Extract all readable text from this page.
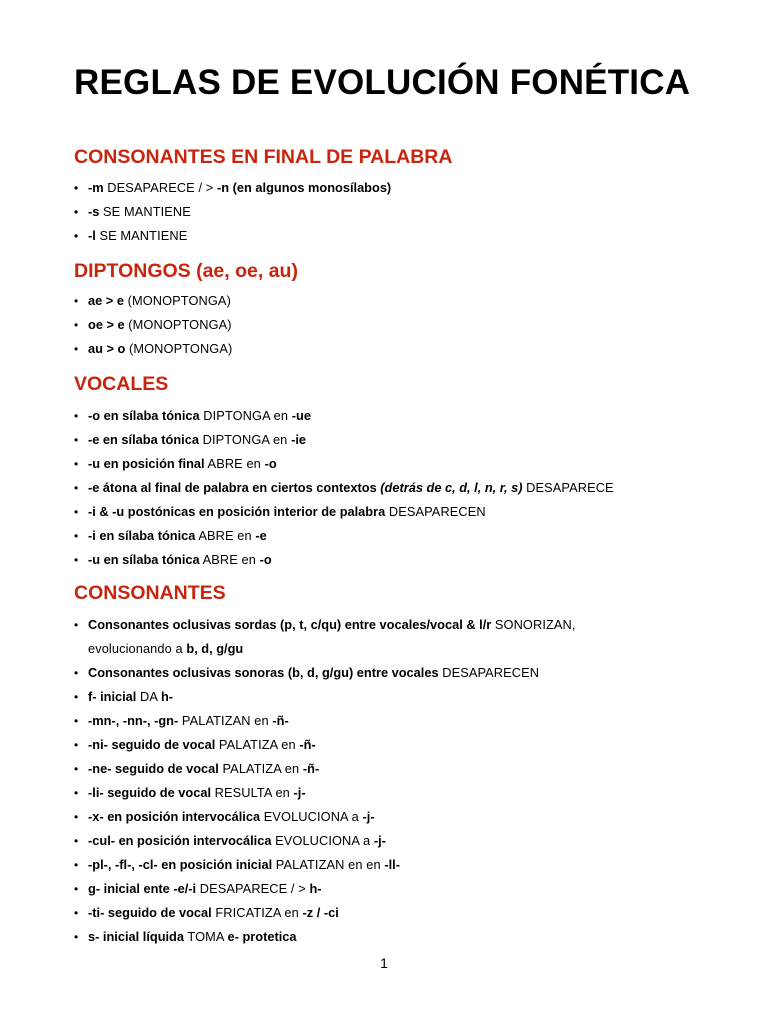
REGLAS DE EVOLUCIÓN FONÉTICA
CONSONANTES EN FINAL DE PALABRA
• -m DESAPARECE / > -n (en algunos monosílabos)
• -s SE MANTIENE
• -l SE MANTIENE
DIPTONGOS (ae, oe, au)
• ae > e (MONOPTONGA)
• oe > e (MONOPTONGA)
• au > o (MONOPTONGA)
VOCALES
• -o en sílaba tónica DIPTONGA en -ue
• -e en sílaba tónica DIPTONGA en -ie
• -u en posición final ABRE en -o
• -e átona al final de palabra en ciertos contextos (detrás de c, d, l, n, r, s) DESAPARECE
• -i & -u postónicas en posición interior de palabra DESAPARECEN
• -i en sílaba tónica ABRE en -e
• -u en sílaba tónica ABRE en -o
CONSONANTES
• Consonantes oclusivas sordas (p, t, c/qu) entre vocales/vocal & l/r SONORIZAN,
evolucionando a b, d, g/gu
• Consonantes oclusivas sonoras (b, d, g/gu) entre vocales DESAPARECEN
• f- inicial DA h-
• -mn-, -nn-, -gn- PALATIZAN en -ñ-
• -ni- seguido de vocal PALATIZA en -ñ-
• -ne- seguido de vocal PALATIZA en -ñ-
• -li- seguido de vocal RESULTA en -j-
• -x- en posición intervocálica EVOLUCIONA a -j-
• -cul- en posición intervocálica EVOLUCIONA a -j-
• -pl-, -fl-, -cl- en posición inicial PALATIZAN en en -ll-
• g- inicial ente -e/-i DESAPARECE / > h-
• -ti- seguido de vocal FRICATIZA en -z / -ci
• s- inicial líquida TOMA e- protetica
1
